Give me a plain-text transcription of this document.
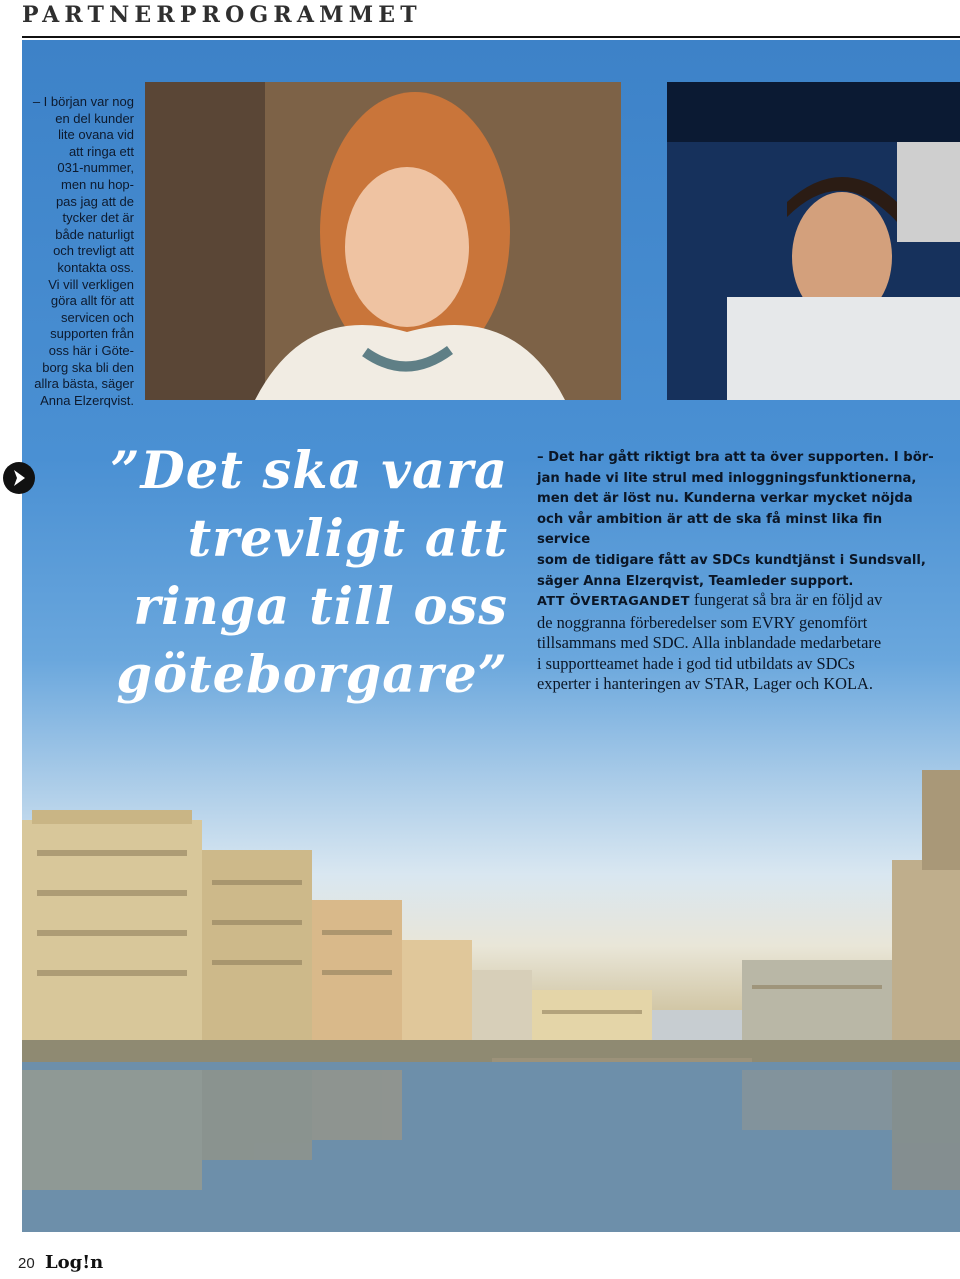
PARTNERPROGRAMMET
– I början var nog
en del kunder
lite ovana vid
att ringa ett
031-nummer,
men nu hop-
pas jag att de
tycker det är
både naturligt
och trevligt att
kontakta oss.
Vi vill verkligen
göra allt för att
servicen och
supporten från
oss här i Göte-
borg ska bli den
allra bästa, säger
Anna Elzerqvist.
”Det ska vara
trevligt att
ringa till oss
göteborgare”
– Det har gått riktigt bra att ta över supporten. I bör-
jan hade vi lite strul med inloggningsfunktionerna,
men det är löst nu. Kunderna verkar mycket nöjda
och vår ambition är att de ska få minst lika fin service
som de tidigare fått av SDCs kundtjänst i Sundsvall,
säger Anna Elzerqvist, Teamleder support.
ATT ÖVERTAGANDET fungerat så bra är en följd av
de noggranna förberedelser som EVRY genomfört
tillsammans med SDC. Alla inblandade medarbetare
i supportteamet hade i god tid utbildats av SDCs
experter i hanteringen av STAR, Lager och KOLA.
20 Log!n
